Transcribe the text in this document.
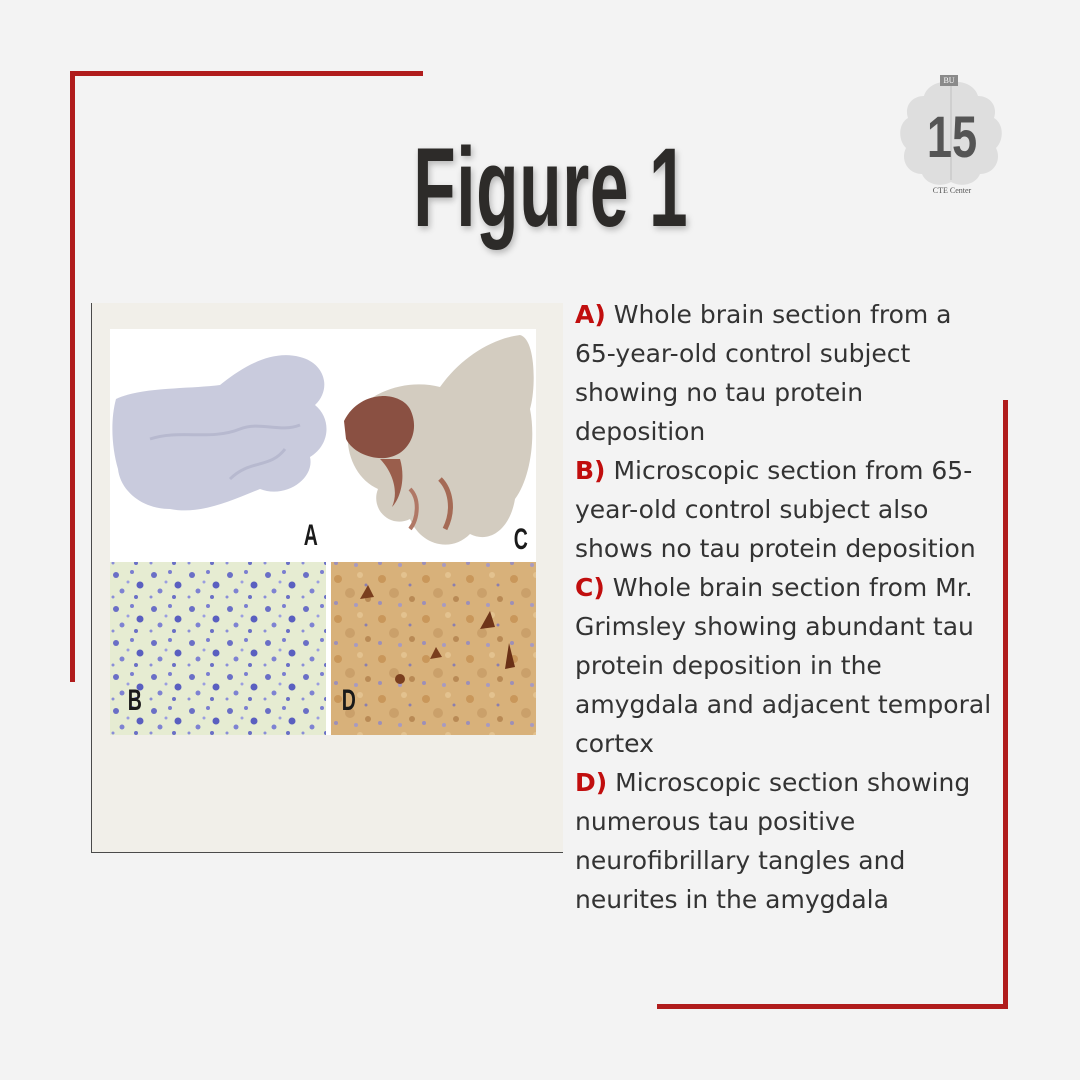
Figure 1
BU
15
CTE Center
A	C
B	D

A) Whole brain section from a 65-year-old control subject showing no tau protein deposition

B) Microscopic section from 65-year-old control subject also shows no tau protein deposition

C) Whole brain section from Mr. Grimsley showing abundant tau protein deposition in the amygdala and adjacent temporal cortex

D) Microscopic section showing numerous tau positive neurofibrillary tangles and neurites in the amygdala
